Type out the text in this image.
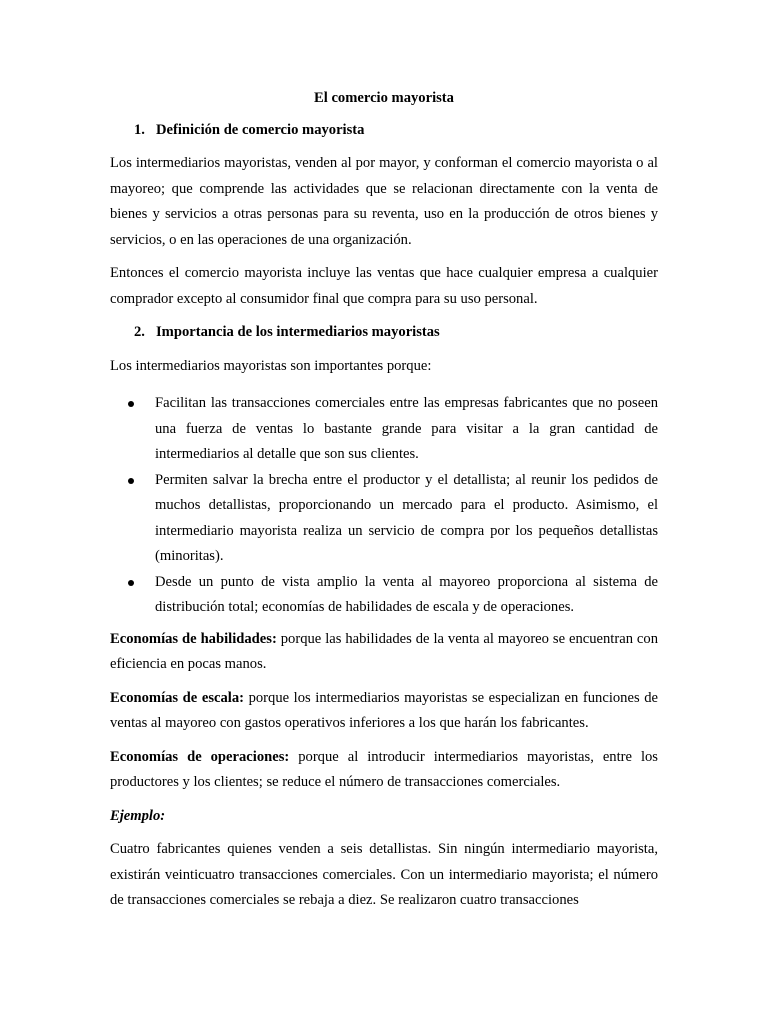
El comercio mayorista
1. Definición de comercio mayorista

Los intermediarios mayoristas, venden al por mayor, y conforman el comercio mayorista o al mayoreo; que comprende las actividades que se relacionan directamente con la venta de bienes y servicios a otras personas para su reventa, uso en la producción de otros bienes y servicios, o en las operaciones de una organización.

Entonces el comercio mayorista incluye las ventas que hace cualquier empresa a cualquier comprador excepto al consumidor final que compra para su uso personal.

2. Importancia de los intermediarios mayoristas

Los intermediarios mayoristas son importantes porque:

Facilitan las transacciones comerciales entre las empresas fabricantes que no poseen una fuerza de ventas lo bastante grande para visitar a la gran cantidad de intermediarios al detalle que son sus clientes.
Permiten salvar la brecha entre el productor y el detallista; al reunir los pedidos de muchos detallistas, proporcionando un mercado para el producto. Asimismo, el intermediario mayorista realiza un servicio de compra por los pequeños detallistas (minoritas).
Desde un punto de vista amplio la venta al mayoreo proporciona al sistema de distribución total; economías de habilidades de escala y de operaciones.

Economías de habilidades: porque las habilidades de la venta al mayoreo se encuentran con eficiencia en pocas manos.

Economías de escala: porque los intermediarios mayoristas se especializan en funciones de ventas al mayoreo con gastos operativos inferiores a los que harán los fabricantes.

Economías de operaciones: porque al introducir intermediarios mayoristas, entre los productores y los clientes; se reduce el número de transacciones comerciales.

Ejemplo:

Cuatro fabricantes quienes venden a seis detallistas. Sin ningún intermediario mayorista, existirán veinticuatro transacciones comerciales. Con un intermediario mayorista; el número de transacciones comerciales se rebaja a diez. Se realizaron cuatro transacciones
